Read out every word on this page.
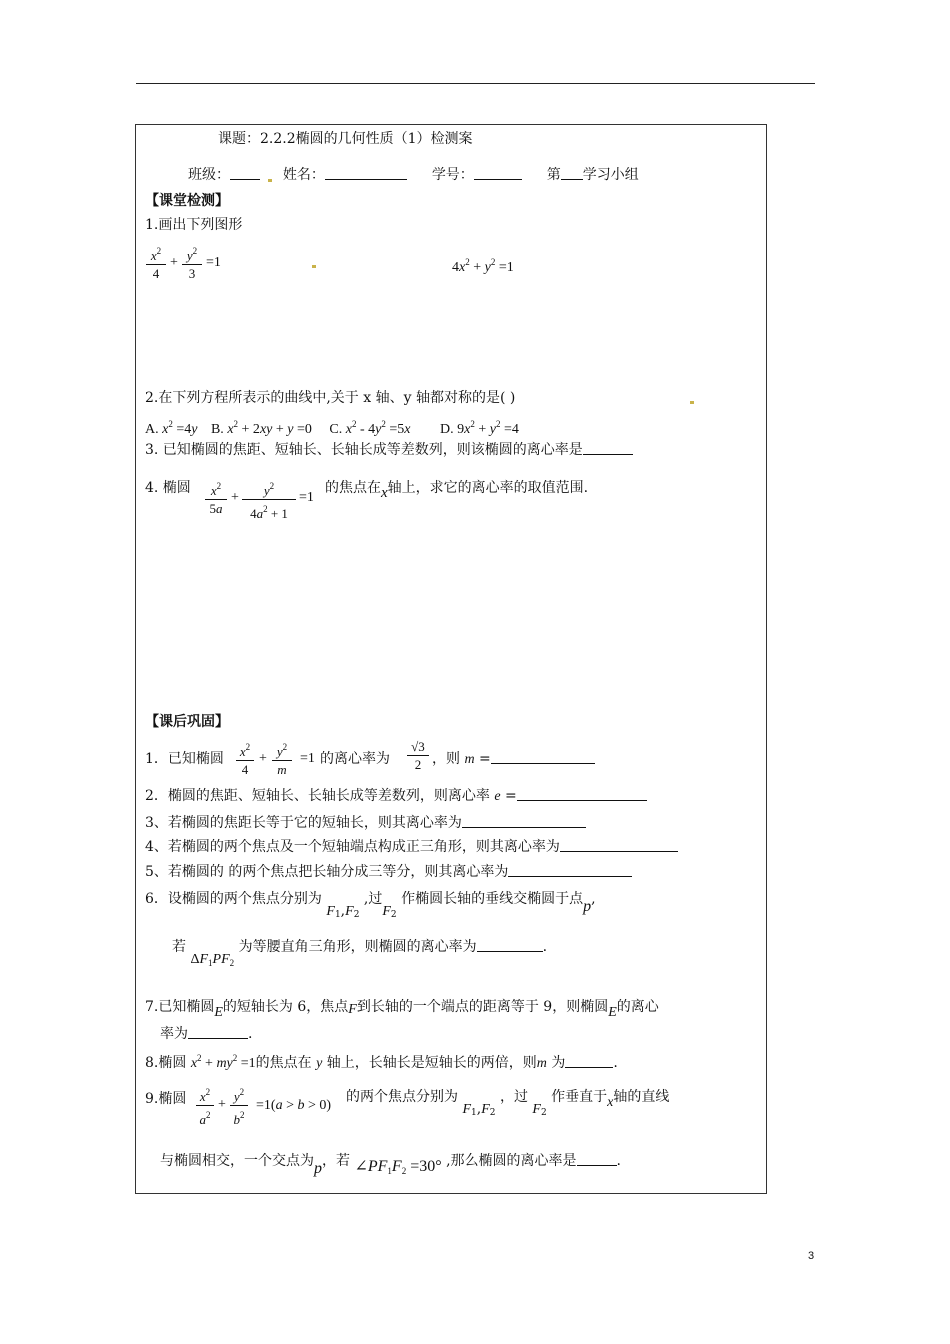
课题：2.2.2椭圆的几何性质（1）检测案
班级：	姓名：	学号：	第 学习小组
【课堂检测】
1.画出下列图形
$\frac{x^2}{4} + \frac{y^2}{3} =1$	$4x^2 + y^2 =1$
2.在下列方程所表示的曲线中,关于 x 轴、y 轴都对称的是( )
A. $x^2 =4y$ B. $x^2 + 2xy + y =0$ C. $x^2 - 4y^2 =5x$ D. $9x^2 + y^2 =4$
3. 已知椭圆的焦距、短轴长、长轴长成等差数列，则该椭圆的离心率是
4. 椭圆 $\frac{x^2}{5a} + \frac{y^2}{4a^2 + 1} =1$
的焦点在x轴上，求它的离心率的取值范围.
【课后巩固】
1．已知椭圆 $\frac{x^2}{4} + \frac{y^2}{m} =1$ 的离心率为 $\frac{√3}{2}$ ，则 m =
2．椭圆的焦距、短轴长、长轴长成等差数列，则离心率 e =
3、若椭圆的焦距长等于它的短轴长，则其离心率为
4、若椭圆的两个焦点及一个短轴端点构成正三角形，则其离心率为
5、若椭圆的 的两个焦点把长轴分成三等分，则其离心率为
6．设椭圆的两个焦点分别为 $F_1,F_2$ ,过$F_2$ 作椭圆长轴的垂线交椭圆于点p,
若 $\Delta F_1PF_2$ 为等腰直角三角形，则椭圆的离心率为	.
7.已知椭圆E的短轴长为 6，焦点F到长轴的一个端点的距离等于 9，则椭圆E的离心
率为	.
8.椭圆 $x^2 + my^2 =1$的焦点在 y 轴上，长轴长是短轴长的两倍，则m 为	.
9.椭圆 $\frac{x^2}{a^2} + \frac{y^2}{b^2} =1(a > b > 0)$
的两个焦点分别为 $F_1,F_2$ ，过 $F_2$ 作垂直于x轴的直线
与椭圆相交，一个交点为p，若 $\angle PF_1F_2 =30^\circ$ ,那么椭圆的离心率是	.
3
